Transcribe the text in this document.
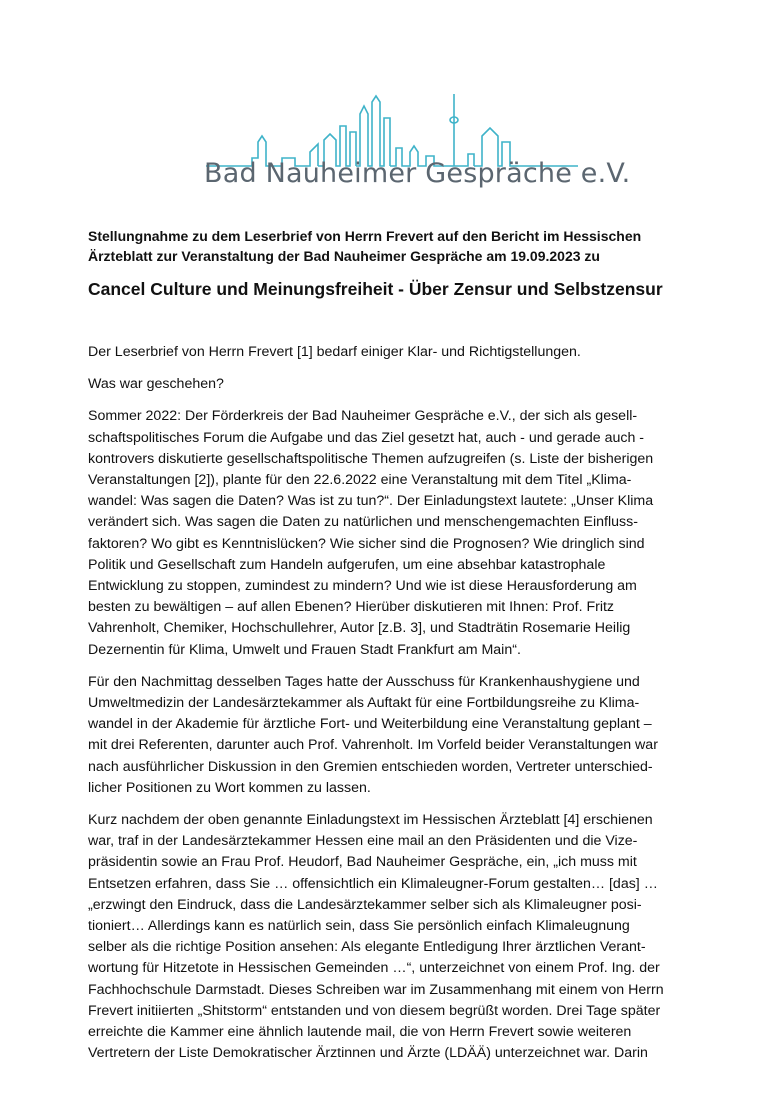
Bad Nauheimer Gespräche e.V.
Stellungnahme zu dem Leserbrief von Herrn Frevert auf den Bericht im Hessischen
Ärzteblatt zur Veranstaltung der Bad Nauheimer Gespräche am 19.09.2023 zu
Cancel Culture und Meinungsfreiheit - Über Zensur und Selbstzensur

Der Leserbrief von Herrn Frevert [1] bedarf einiger Klar- und Richtigstellungen.

Was war geschehen?

Sommer 2022: Der Förderkreis der Bad Nauheimer Gespräche e.V., der sich als gesell-
schaftspolitisches Forum die Aufgabe und das Ziel gesetzt hat, auch - und gerade auch -
kontrovers diskutierte gesellschaftspolitische Themen aufzugreifen (s. Liste der bisherigen
Veranstaltungen [2]), plante für den 22.6.2022 eine Veranstaltung mit dem Titel „Klima-
wandel: Was sagen die Daten? Was ist zu tun?“. Der Einladungstext lautete: „Unser Klima
verändert sich. Was sagen die Daten zu natürlichen und menschengemachten Einfluss-
faktoren? Wo gibt es Kenntnislücken? Wie sicher sind die Prognosen? Wie dringlich sind
Politik und Gesellschaft zum Handeln aufgerufen, um eine absehbar katastrophale
Entwicklung zu stoppen, zumindest zu mindern? Und wie ist diese Herausforderung am
besten zu bewältigen – auf allen Ebenen? Hierüber diskutieren mit Ihnen: Prof. Fritz
Vahrenholt, Chemiker, Hochschullehrer, Autor [z.B. 3], und Stadträtin Rosemarie Heilig
Dezernentin für Klima, Umwelt und Frauen Stadt Frankfurt am Main“.

Für den Nachmittag desselben Tages hatte der Ausschuss für Krankenhaushygiene und
Umweltmedizin der Landesärztekammer als Auftakt für eine Fortbildungsreihe zu Klima-
wandel in der Akademie für ärztliche Fort- und Weiterbildung eine Veranstaltung geplant –
mit drei Referenten, darunter auch Prof. Vahrenholt. Im Vorfeld beider Veranstaltungen war
nach ausführlicher Diskussion in den Gremien entschieden worden, Vertreter unterschied-
licher Positionen zu Wort kommen zu lassen.

Kurz nachdem der oben genannte Einladungstext im Hessischen Ärzteblatt [4] erschienen
war, traf in der Landesärztekammer Hessen eine mail an den Präsidenten und die Vize-
präsidentin sowie an Frau Prof. Heudorf, Bad Nauheimer Gespräche, ein, „ich muss mit
Entsetzen erfahren, dass Sie … offensichtlich ein Klimaleugner-Forum gestalten… [das] …
„erzwingt den Eindruck, dass die Landesärztekammer selber sich als Klimaleugner posi-
tioniert… Allerdings kann es natürlich sein, dass Sie persönlich einfach Klimaleugnung
selber als die richtige Position ansehen: Als elegante Entledigung Ihrer ärztlichen Verant-
wortung für Hitzetote in Hessischen Gemeinden …“, unterzeichnet von einem Prof. Ing. der
Fachhochschule Darmstadt. Dieses Schreiben war im Zusammenhang mit einem von Herrn
Frevert initiierten „Shitstorm“ entstanden und von diesem begrüßt worden. Drei Tage später
erreichte die Kammer eine ähnlich lautende mail, die von Herrn Frevert sowie weiteren
Vertretern der Liste Demokratischer Ärztinnen und Ärzte (LDÄÄ) unterzeichnet war. Darin
